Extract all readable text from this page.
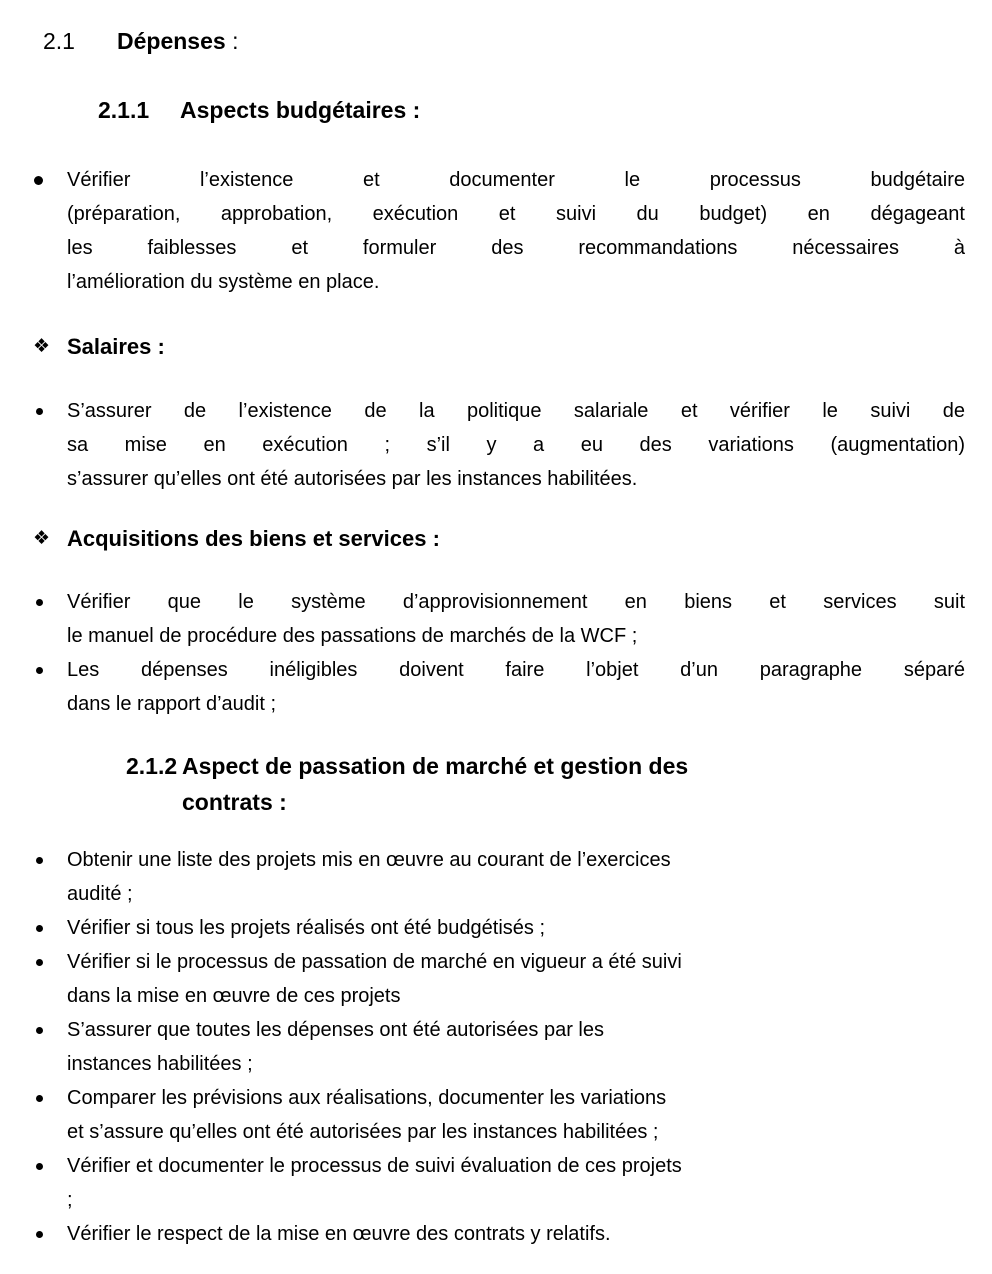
2.1 Dépenses :
2.1.1 Aspects budgétaires :
Vérifier l’existence et documenter le processus budgétaire
(préparation, approbation, exécution et suivi du budget) en dégageant
les faiblesses et formuler des recommandations nécessaires à
l’amélioration du système en place.
❖ Salaires :
S’assurer de l’existence de la politique salariale et vérifier le suivi de
sa mise en exécution ; s’il y a eu des variations (augmentation)
s’assurer qu’elles ont été autorisées par les instances habilitées.
❖ Acquisitions des biens et services :
Vérifier que le système d’approvisionnement en biens et services suit
le manuel de procédure des passations de marchés de la WCF ;
Les dépenses inéligibles doivent faire l’objet d’un paragraphe séparé
dans le rapport d’audit ;
2.1.2 Aspect de passation de marché et gestion des
contrats :
Obtenir une liste des projets mis en œuvre au courant de l’exercices
audité ;
Vérifier si tous les projets réalisés ont été budgétisés ;
Vérifier si le processus de passation de marché en vigueur a été suivi
dans la mise en œuvre de ces projets
S’assurer que toutes les dépenses ont été autorisées par les
instances habilitées ;
Comparer les prévisions aux réalisations, documenter les variations
et s’assure qu’elles ont été autorisées par les instances habilitées ;
Vérifier et documenter le processus de suivi évaluation de ces projets
;
Vérifier le respect de la mise en œuvre des contrats y relatifs.
